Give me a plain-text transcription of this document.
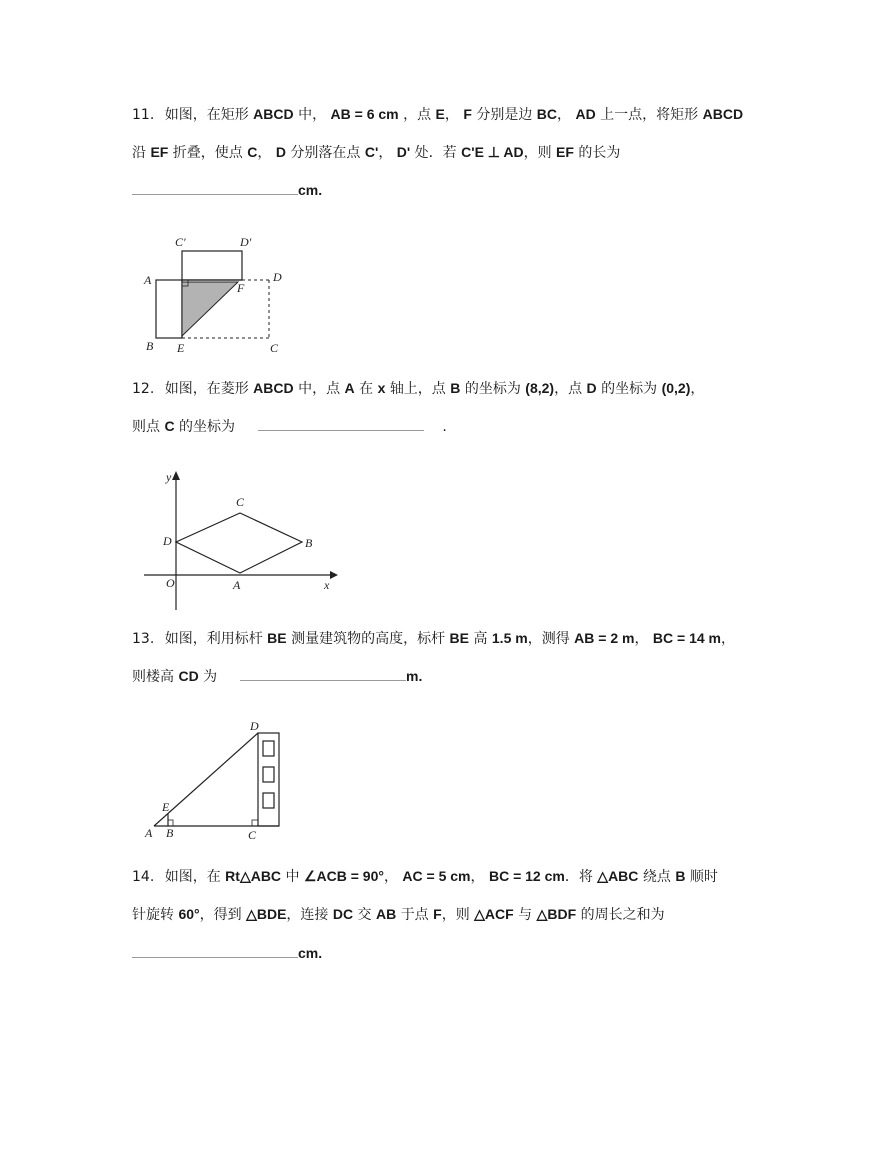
11. 如图，在矩形 ABCD 中， AB = 6 cm ，点 E， F 分别是边 BC， AD 上一点，将矩形 ABCD
沿 EF 折叠，使点 C， D 分别落在点 C'， D' 处．若 C'E ⊥ AD，则 EF 的长为
cm.
A
B E	C
D
F
C′	D′
12. 如图，在菱形 ABCD 中，点 A 在 x 轴上，点 B 的坐标为 (8,2)，点 D 的坐标为 (0,2)，
则点 C 的坐标为	.
y
x
O	A
B
C
D
13. 如图，利用标杆 BE 测量建筑物的高度，标杆 BE 高 1.5 m，测得 AB = 2 m， BC = 14 m，
则楼高 CD 为	m.
A B	C
D
E
14. 如图，在 Rt△ABC 中 ∠ACB = 90°， AC = 5 cm， BC = 12 cm．将 △ABC 绕点 B 顺时
针旋转 60°，得到 △BDE，连接 DC 交 AB 于点 F，则 △ACF 与 △BDF 的周长之和为
cm.
